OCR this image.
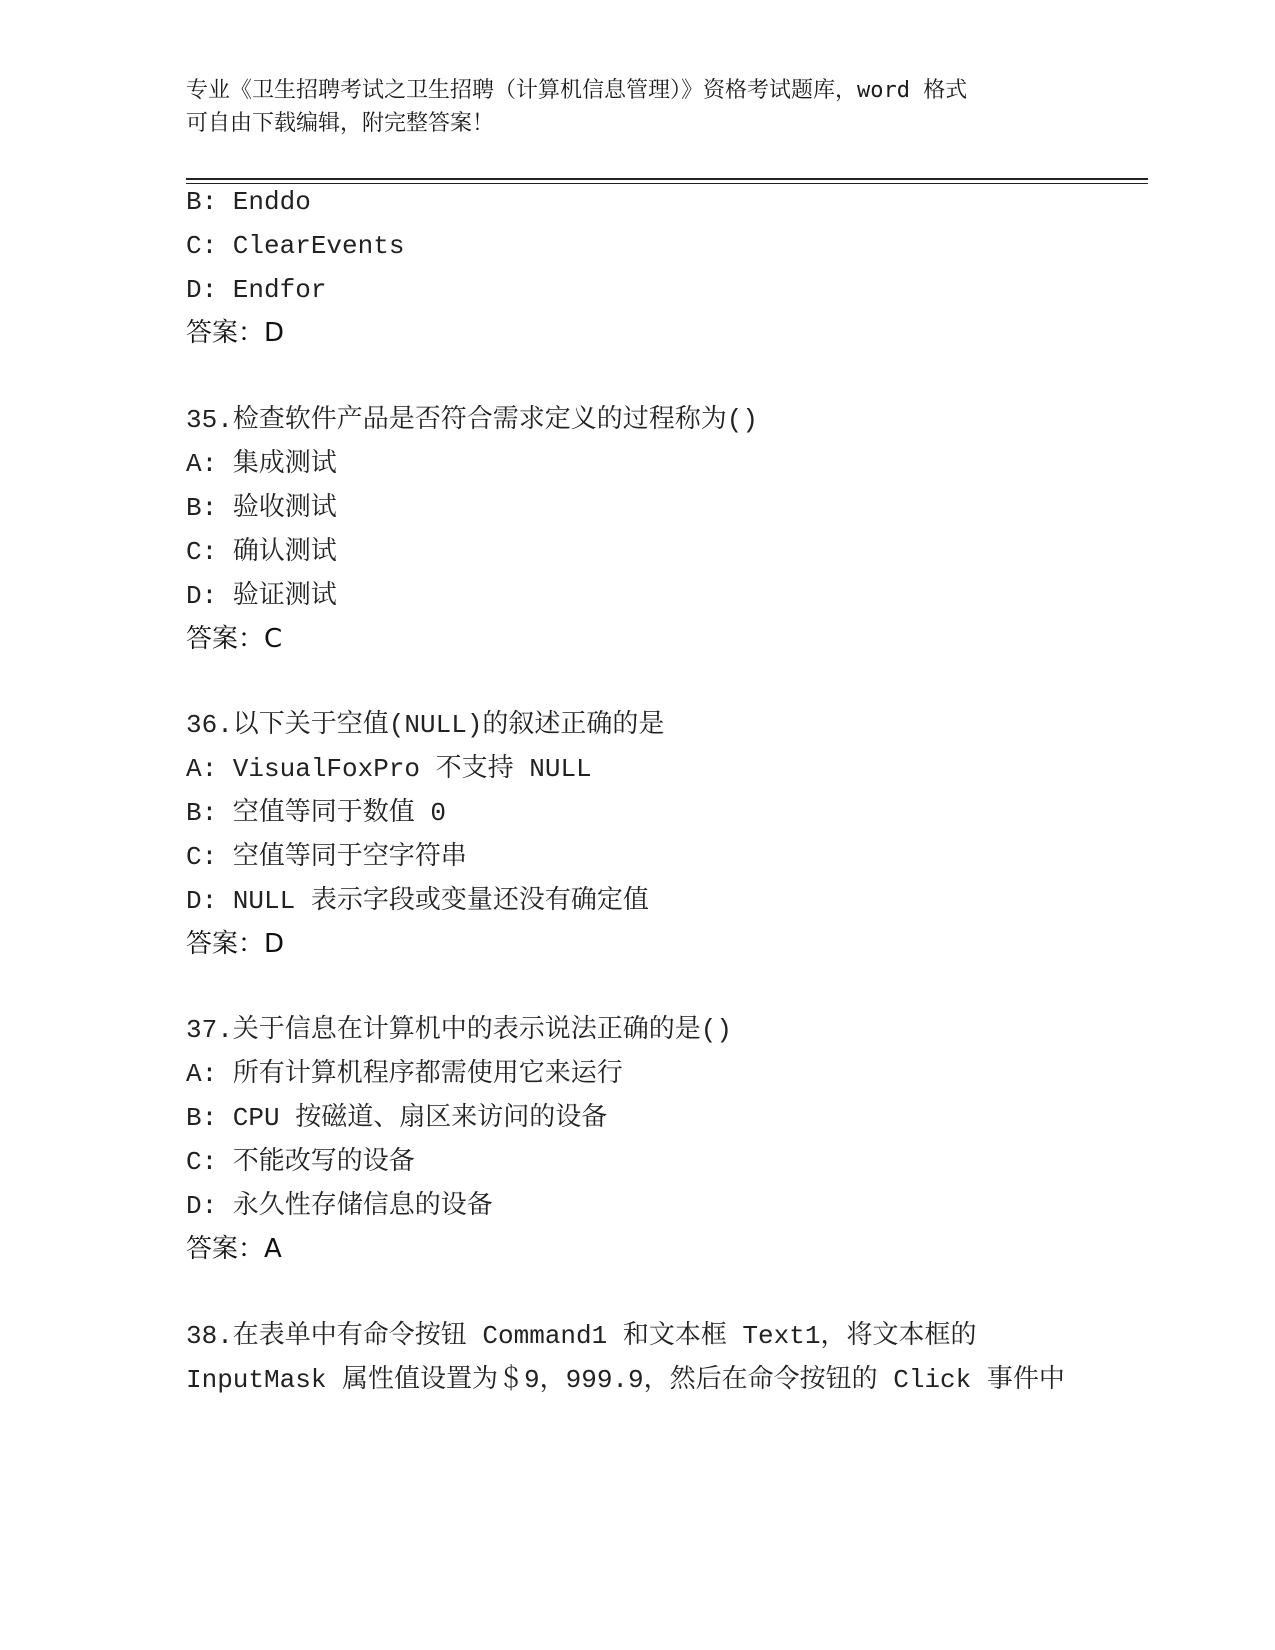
专业《卫生招聘考试之卫生招聘（计算机信息管理）》资格考试题库，word 格式
可自由下载编辑，附完整答案！
B: Enddo
C: ClearEvents
D: Endfor
答案：D
35.检查软件产品是否符合需求定义的过程称为()
A: 集成测试
B: 验收测试
C: 确认测试
D: 验证测试
答案：C
36.以下关于空值(NULL)的叙述正确的是
A: VisualFoxPro 不支持 NULL
B: 空值等同于数值 0
C: 空值等同于空字符串
D: NULL 表示字段或变量还没有确定值
答案：D
37.关于信息在计算机中的表示说法正确的是()
A: 所有计算机程序都需使用它来运行
B: CPU 按磁道、扇区来访问的设备
C: 不能改写的设备
D: 永久性存储信息的设备
答案：A
38.在表单中有命令按钮 Command1 和文本框 Text1，将文本框的
InputMask 属性值设置为＄9，999.9，然后在命令按钮的 Click 事件中
